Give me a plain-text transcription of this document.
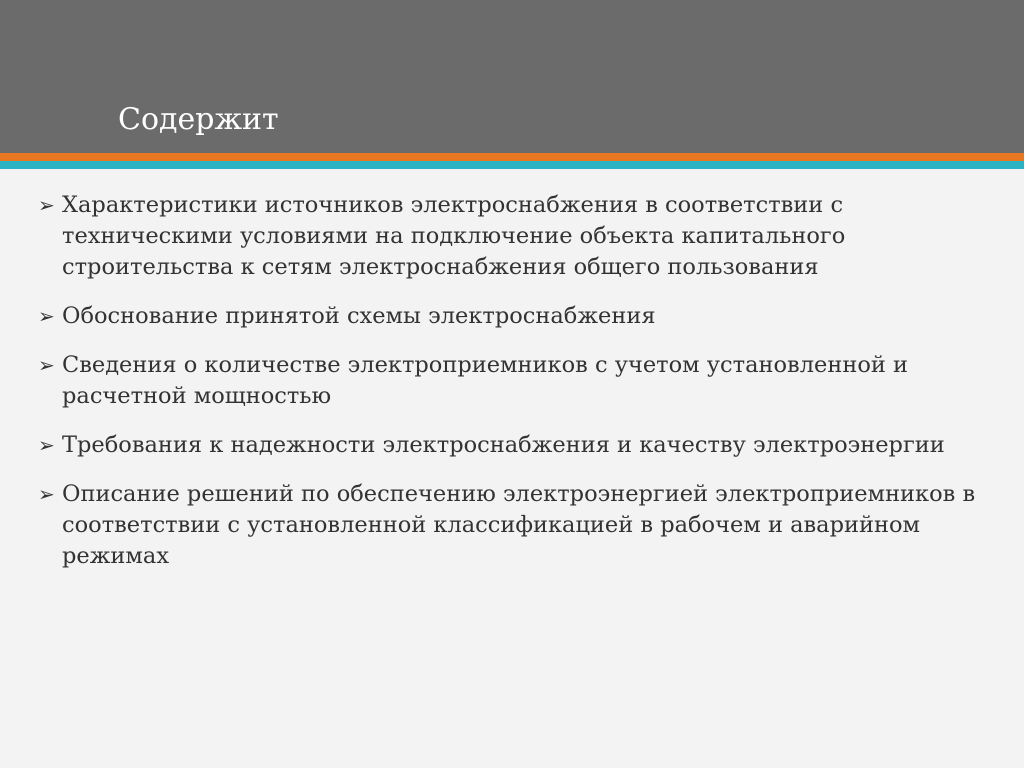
Содержит
➢ Характеристики источников электроснабжения в соответствии с техническими условиями на подключение объекта капитального строительства к сетям электроснабжения общего пользования
➢ Обоснование принятой схемы электроснабжения
➢ Сведения о количестве электроприемников с учетом установленной и расчетной мощностью
➢ Требования к надежности электроснабжения и качеству электроэнергии
➢ Описание решений по обеспечению электроэнергией электроприемников в соответствии с установленной классификацией в рабочем и аварийном режимах
